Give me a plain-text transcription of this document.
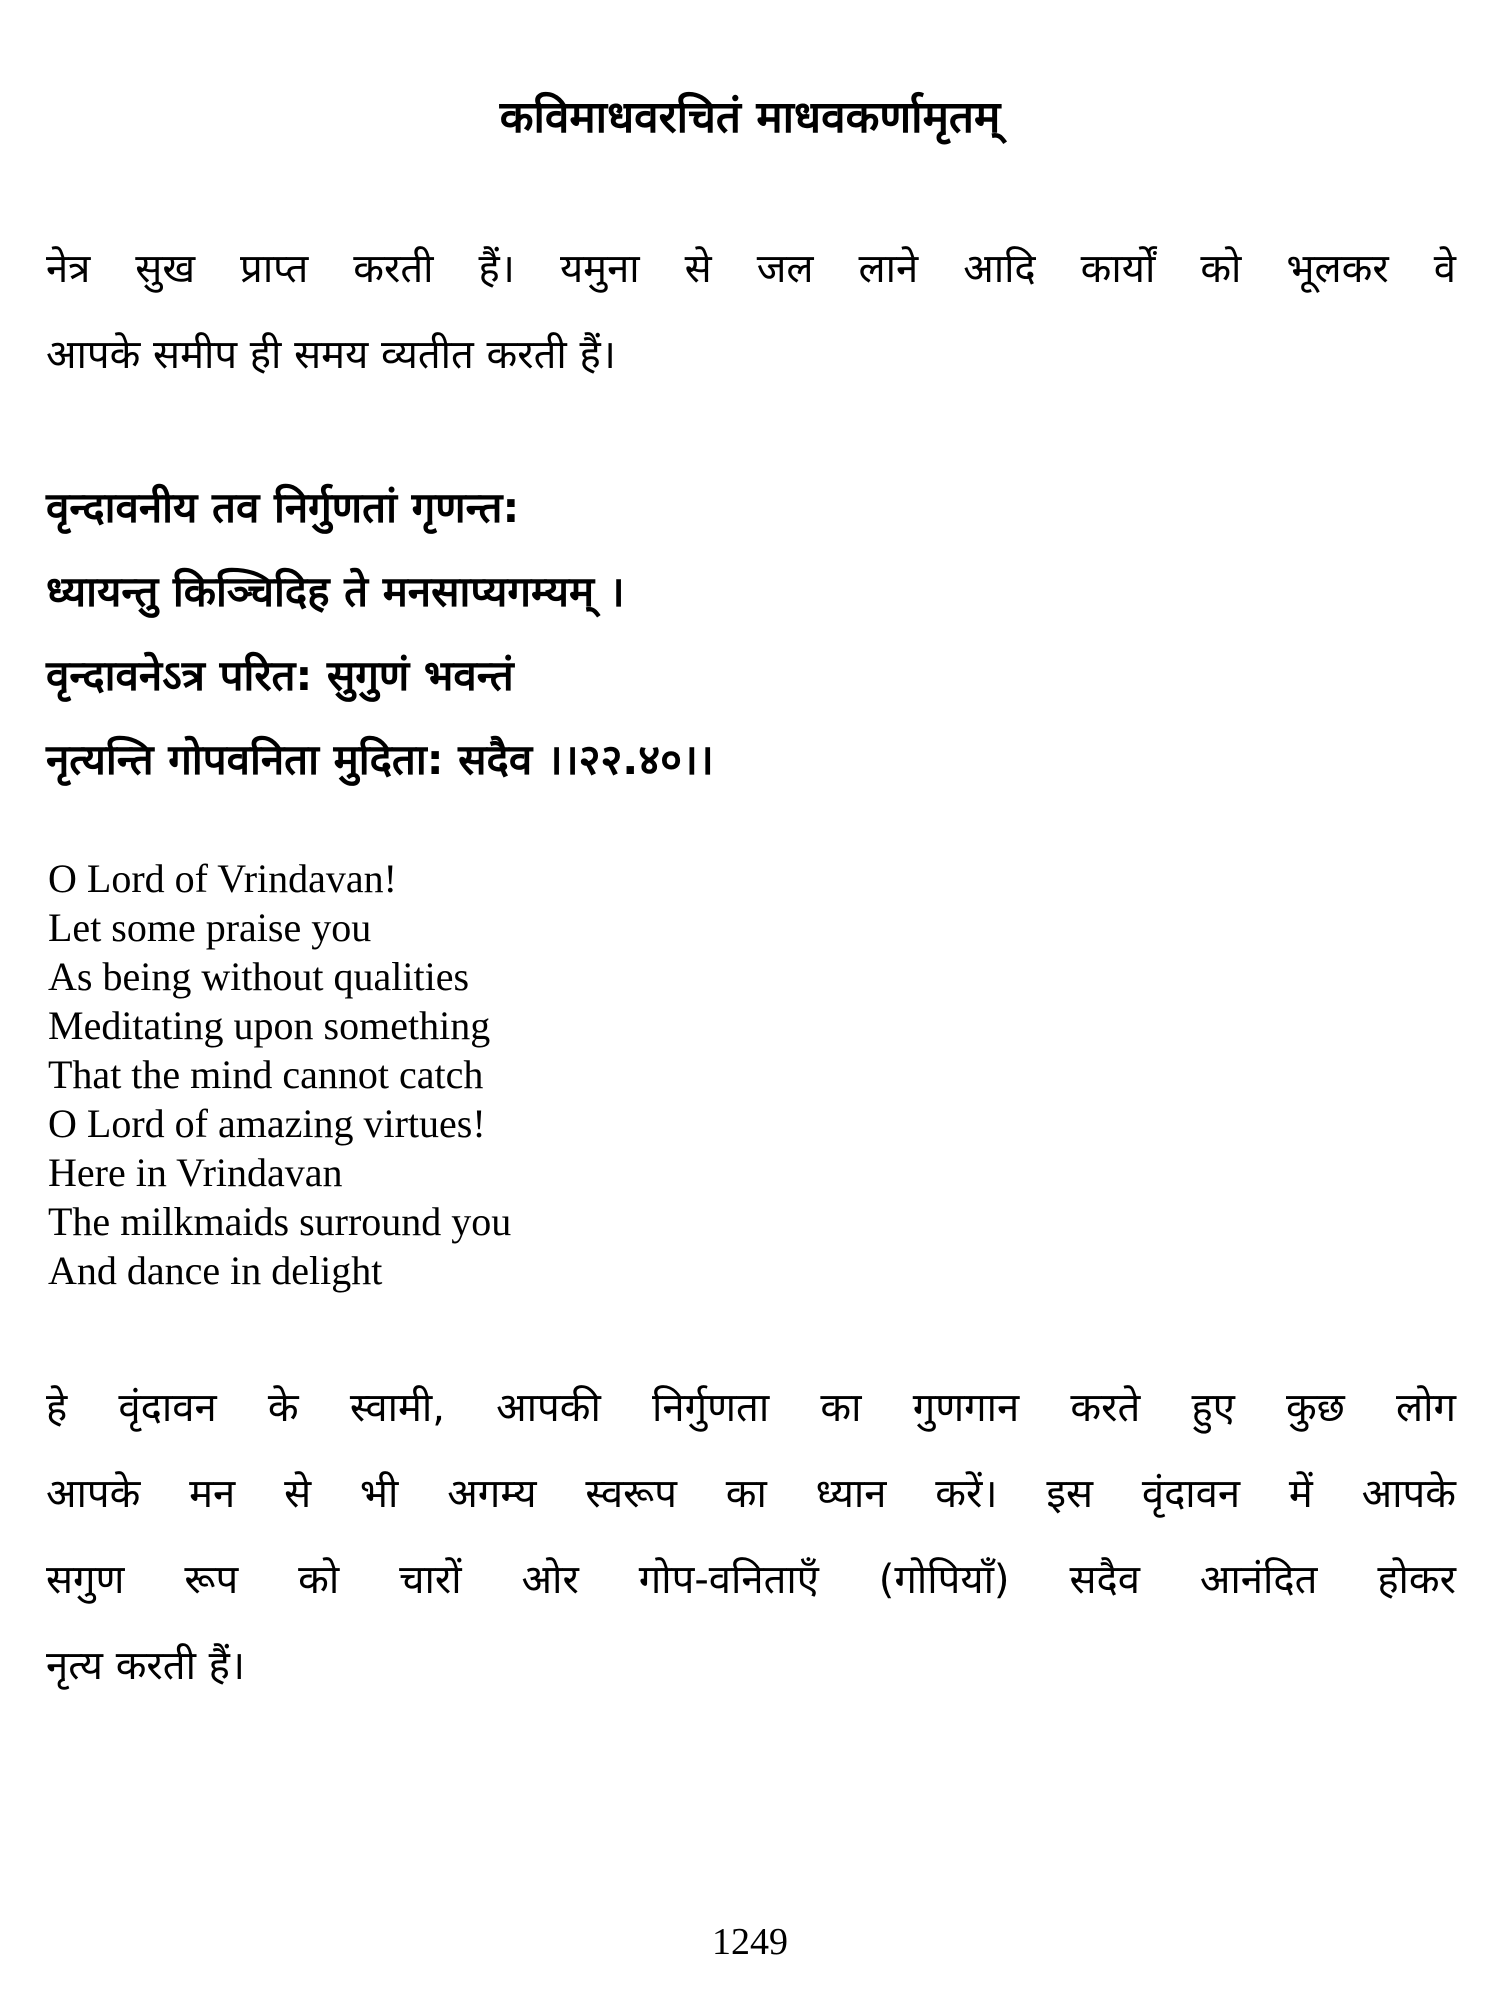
कविमाधवरचितं माधवकर्णामृतम्
नेत्र सुख प्राप्त करती हैं। यमुना से जल लाने आदि कार्यों को भूलकर वे
आपके समीप ही समय व्यतीत करती हैं।
वृन्दावनीय तव निर्गुणतां गृणन्त:
ध्यायन्तु किञ्चिदिह ते मनसाप्यगम्यम् ।
वृन्दावनेऽत्र परित: सुगुणं भवन्तं
नृत्यन्ति गोपवनिता मुदिता: सदैव ।।२२.४०।।
O Lord of Vrindavan!
Let some praise you
As being without qualities
Meditating upon something
That the mind cannot catch
O Lord of amazing virtues!
Here in Vrindavan
The milkmaids surround you
And dance in delight
हे वृंदावन के स्वामी, आपकी निर्गुणता का गुणगान करते हुए कुछ लोग
आपके मन से भी अगम्य स्वरूप का ध्यान करें। इस वृंदावन में आपके
सगुण रूप को चारों ओर गोप-वनिताएँ (गोपियाँ) सदैव आनंदित होकर
नृत्य करती हैं।
1249
